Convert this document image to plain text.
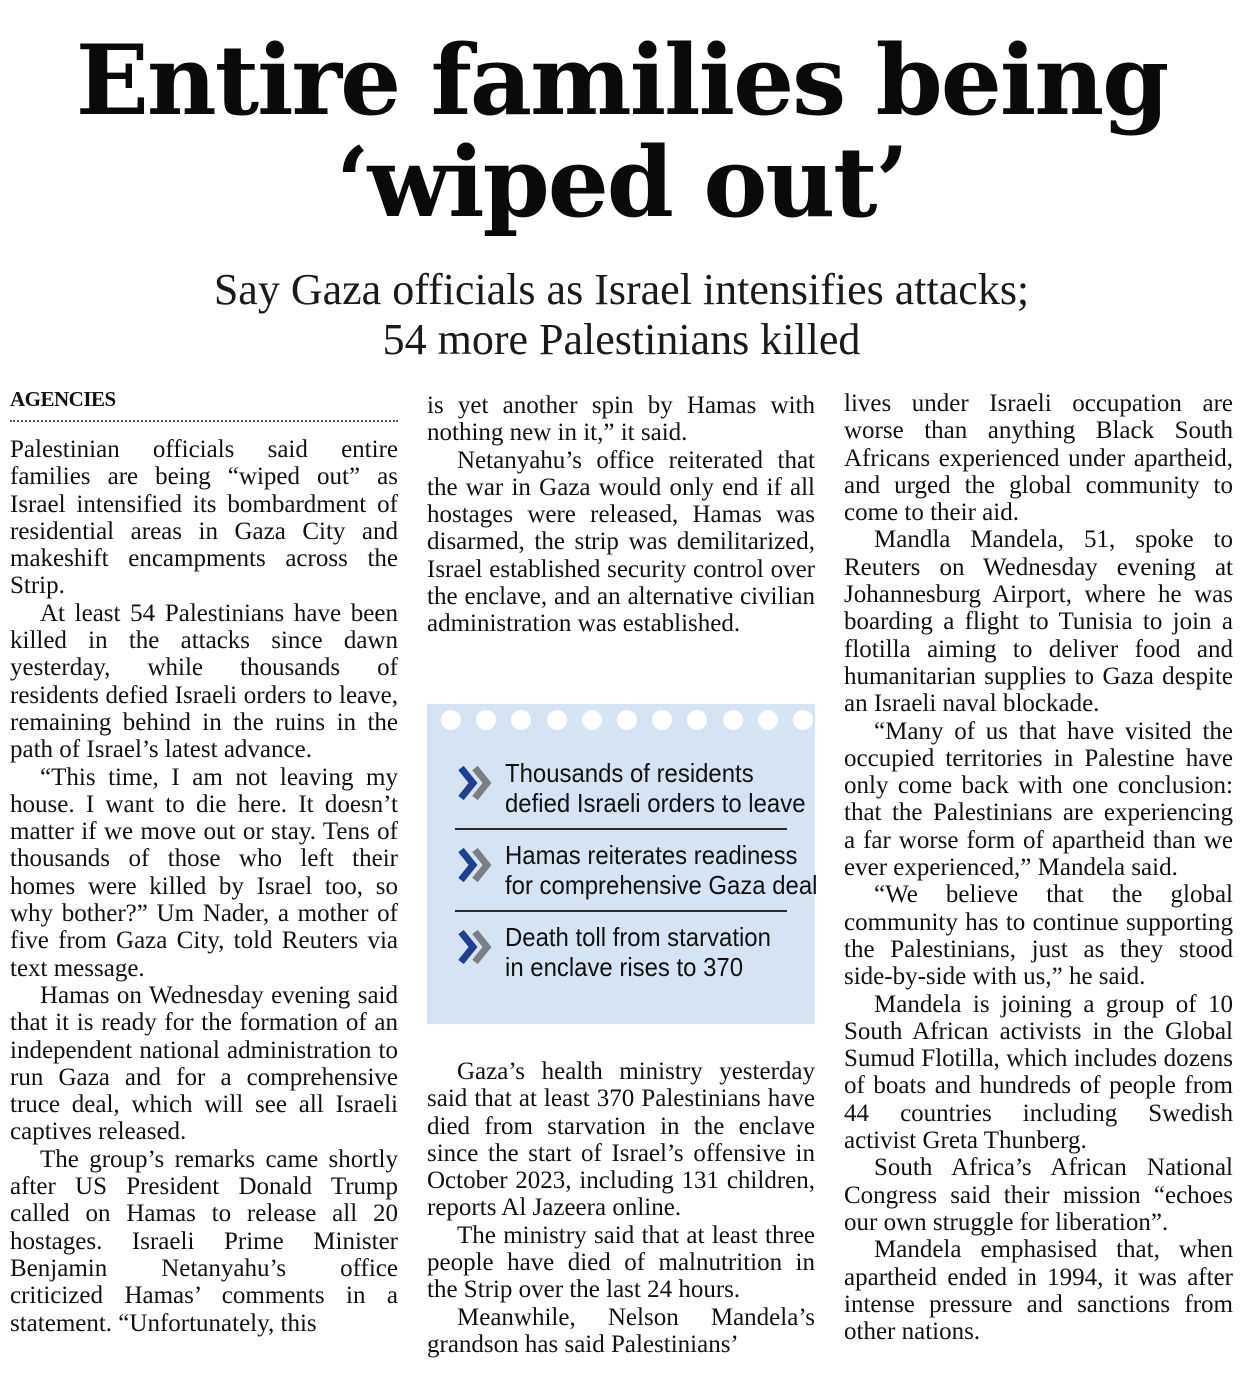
Entire families being
‘wiped out’
Say Gaza officials as Israel intensifies attacks;
54 more Palestinians killed
AGENCIES

Palestinian officials said entire families are being “wiped out” as Israel intensified its bombardment of residential areas in Gaza City and makeshift encampments across the Strip.

At least 54 Palestinians have been killed in the attacks since dawn yesterday, while thousands of residents defied Israeli orders to leave, remaining behind in the ruins in the path of Israel’s latest advance.

“This time, I am not leaving my house. I want to die here. It doesn’t matter if we move out or stay. Tens of thousands of those who left their homes were killed by Israel too, so why bother?” Um Nader, a mother of five from Gaza City, told Reuters via text message.

Hamas on Wednesday evening said that it is ready for the formation of an independent national administration to run Gaza and for a comprehensive truce deal, which will see all Israeli captives released.

The group’s remarks came shortly after US President Donald Trump called on Hamas to release all 20 hostages. Israeli Prime Minister Benjamin Netanyahu’s office criticized Hamas’ comments in a statement. “Unfortunately, this

is yet another spin by Hamas with nothing new in it,” it said.

Netanyahu’s office reiterated that the war in Gaza would only end if all hostages were released, Hamas was disarmed, the strip was demilitarized, Israel established security control over the enclave, and an alternative civilian administration was established.

Thousands of residents
defied Israeli orders to leave
Hamas reiterates readiness
for comprehensive Gaza deal
Death toll from starvation
in enclave rises to 370

Gaza’s health ministry yesterday said that at least 370 Palestinians have died from starvation in the enclave since the start of Israel’s offensive in October 2023, including 131 children, reports Al Jazeera online.

The ministry said that at least three people have died of malnutrition in the Strip over the last 24 hours.

Meanwhile, Nelson Mandela’s grandson has said Palestinians’

lives under Israeli occupation are worse than anything Black South Africans experienced under apartheid, and urged the global community to come to their aid.

Mandla Mandela, 51, spoke to Reuters on Wednesday evening at Johannesburg Airport, where he was boarding a flight to Tunisia to join a flotilla aiming to deliver food and humanitarian supplies to Gaza despite an Israeli naval blockade.

“Many of us that have visited the occupied territories in Palestine have only come back with one conclusion: that the Palestinians are experiencing a far worse form of apartheid than we ever experienced,” Mandela said.

“We believe that the global community has to continue supporting the Palestinians, just as they stood side-by-side with us,” he said.

Mandela is joining a group of 10 South African activists in the Global Sumud Flotilla, which includes dozens of boats and hundreds of people from 44 countries including Swedish activist Greta Thunberg.

South Africa’s African National Congress said their mission “echoes our own struggle for liberation”.

Mandela emphasised that, when apartheid ended in 1994, it was after intense pressure and sanctions from other nations.
